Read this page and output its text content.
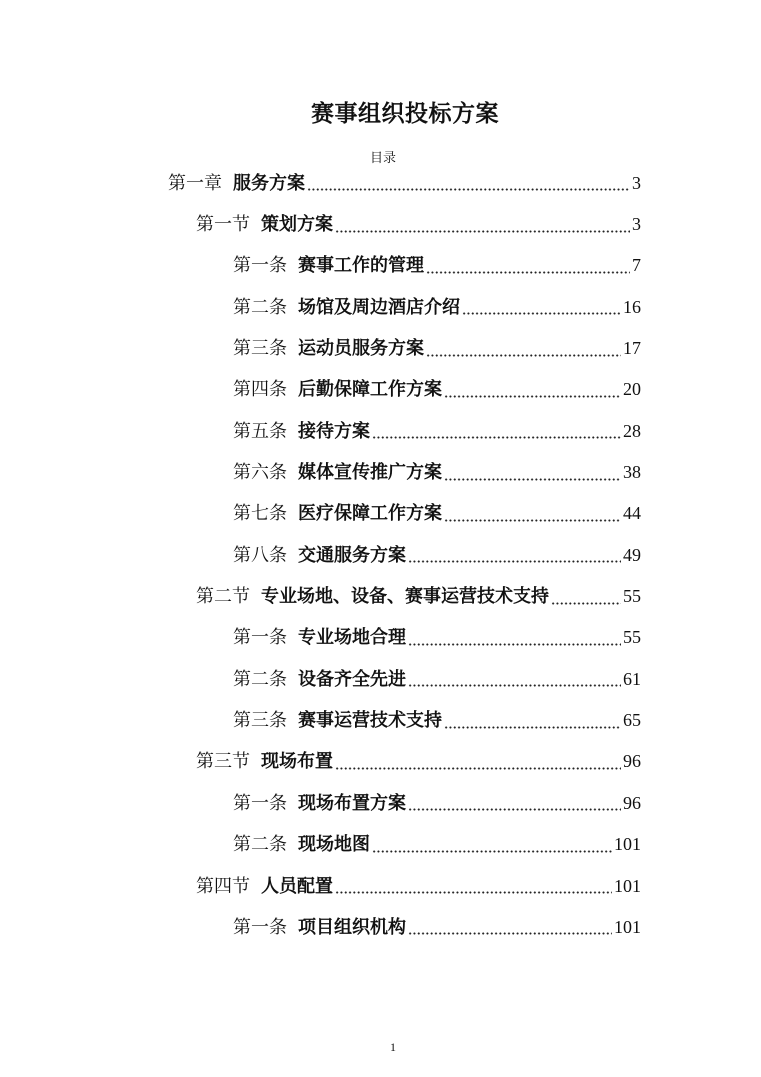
赛事组织投标方案
目录
第一章 服务方案	3
第一节 策划方案	3
第一条 赛事工作的管理	7
第二条 场馆及周边酒店介绍	16
第三条 运动员服务方案	17
第四条 后勤保障工作方案	20
第五条 接待方案	28
第六条 媒体宣传推广方案	38
第七条 医疗保障工作方案	44
第八条 交通服务方案	49
第二节 专业场地、设备、赛事运营技术支持	55
第一条 专业场地合理	55
第二条 设备齐全先进	61
第三条 赛事运营技术支持	65
第三节 现场布置	96
第一条 现场布置方案	96
第二条 现场地图	101
第四节 人员配置	101
第一条 项目组织机构	101
1
